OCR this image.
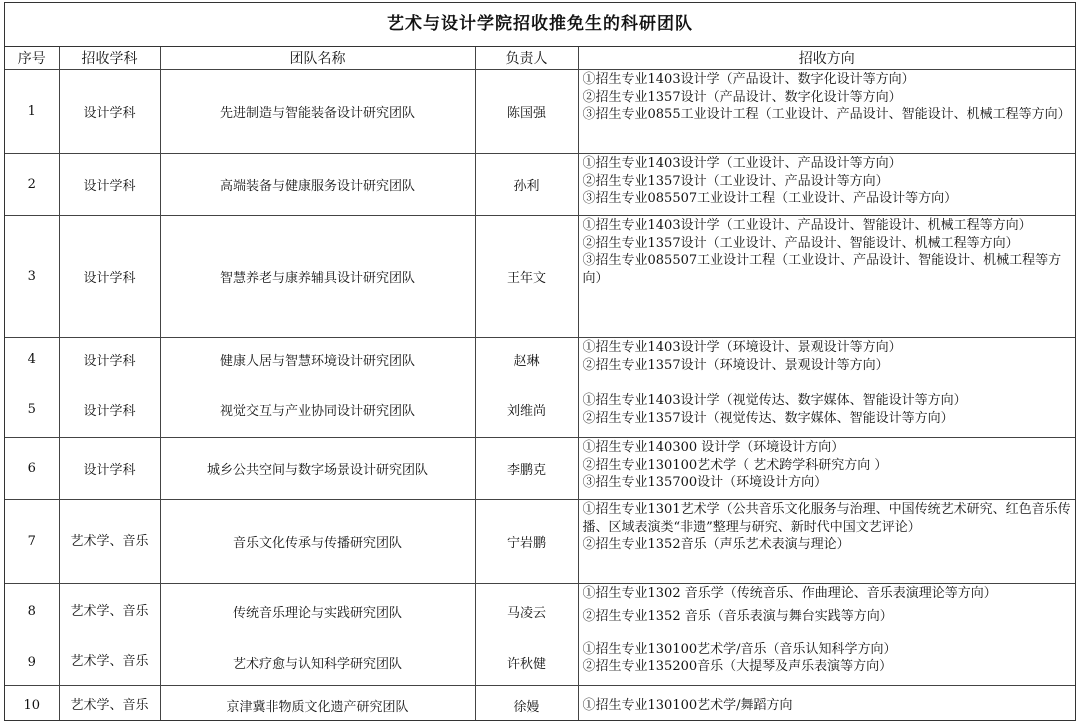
艺术与设计学院招收推免生的科研团队
序号	招收学科	团队名称	负责人	招收方向
1	设计学科	先进制造与智能装备设计研究团队	陈国强	①招生专业1403设计学（产品设计、数字化设计等方向）
②招生专业1357设计（产品设计、数字化设计等方向）
③招生专业0855工业设计工程（工业设计、产品设计、智能设计、机械工程等方向）

2	设计学科	高端装备与健康服务设计研究团队	孙利	①招生专业1403设计学（工业设计、产品设计等方向）
②招生专业1357设计（工业设计、产品设计等方向）
③招生专业085507工业设计工程（工业设计、产品设计等方向）

3	设计学科	智慧养老与康养辅具设计研究团队	王年文	①招生专业1403设计学（工业设计、产品设计、智能设计、机械工程等方向）
②招生专业1357设计（工业设计、产品设计、智能设计、机械工程等方向）
③招生专业085507工业设计工程（工业设计、产品设计、智能设计、机械工程等方向）

4	设计学科	健康人居与智慧环境设计研究团队	赵琳	①招生专业1403设计学（环境设计、景观设计等方向）
②招生专业1357设计（环境设计、景观设计等方向）

5	设计学科	视觉交互与产业协同设计研究团队	刘维尚	①招生专业1403设计学（视觉传达、数字媒体、智能设计等方向）
②招生专业1357设计（视觉传达、数字媒体、智能设计等方向）

6	设计学科	城乡公共空间与数字场景设计研究团队	李鹏克	①招生专业140300 设计学（环境设计方向）
②招生专业130100艺术学（ 艺术跨学科研究方向 ）
③招生专业135700设计（环境设计方向）

7	艺术学、音乐	音乐文化传承与传播研究团队	宁岩鹏	①招生专业1301艺术学（公共音乐文化服务与治理、中国传统艺术研究、红色音乐传播、区域表演类“非遗”整理与研究、新时代中国文艺评论）
②招生专业1352音乐（声乐艺术表演与理论）

8	艺术学、音乐	传统音乐理论与实践研究团队	马凌云	①招生专业1302 音乐学（传统音乐、作曲理论、音乐表演理论等方向）
②招生专业1352 音乐（音乐表演与舞台实践等方向）

9	艺术学、音乐	艺术疗愈与认知科学研究团队	许秋健	①招生专业130100艺术学/音乐（音乐认知科学方向）
②招生专业135200音乐（大提琴及声乐表演等方向）

10	艺术学、音乐	京津冀非物质文化遗产研究团队	徐嫚	①招生专业130100艺术学/舞蹈方向
